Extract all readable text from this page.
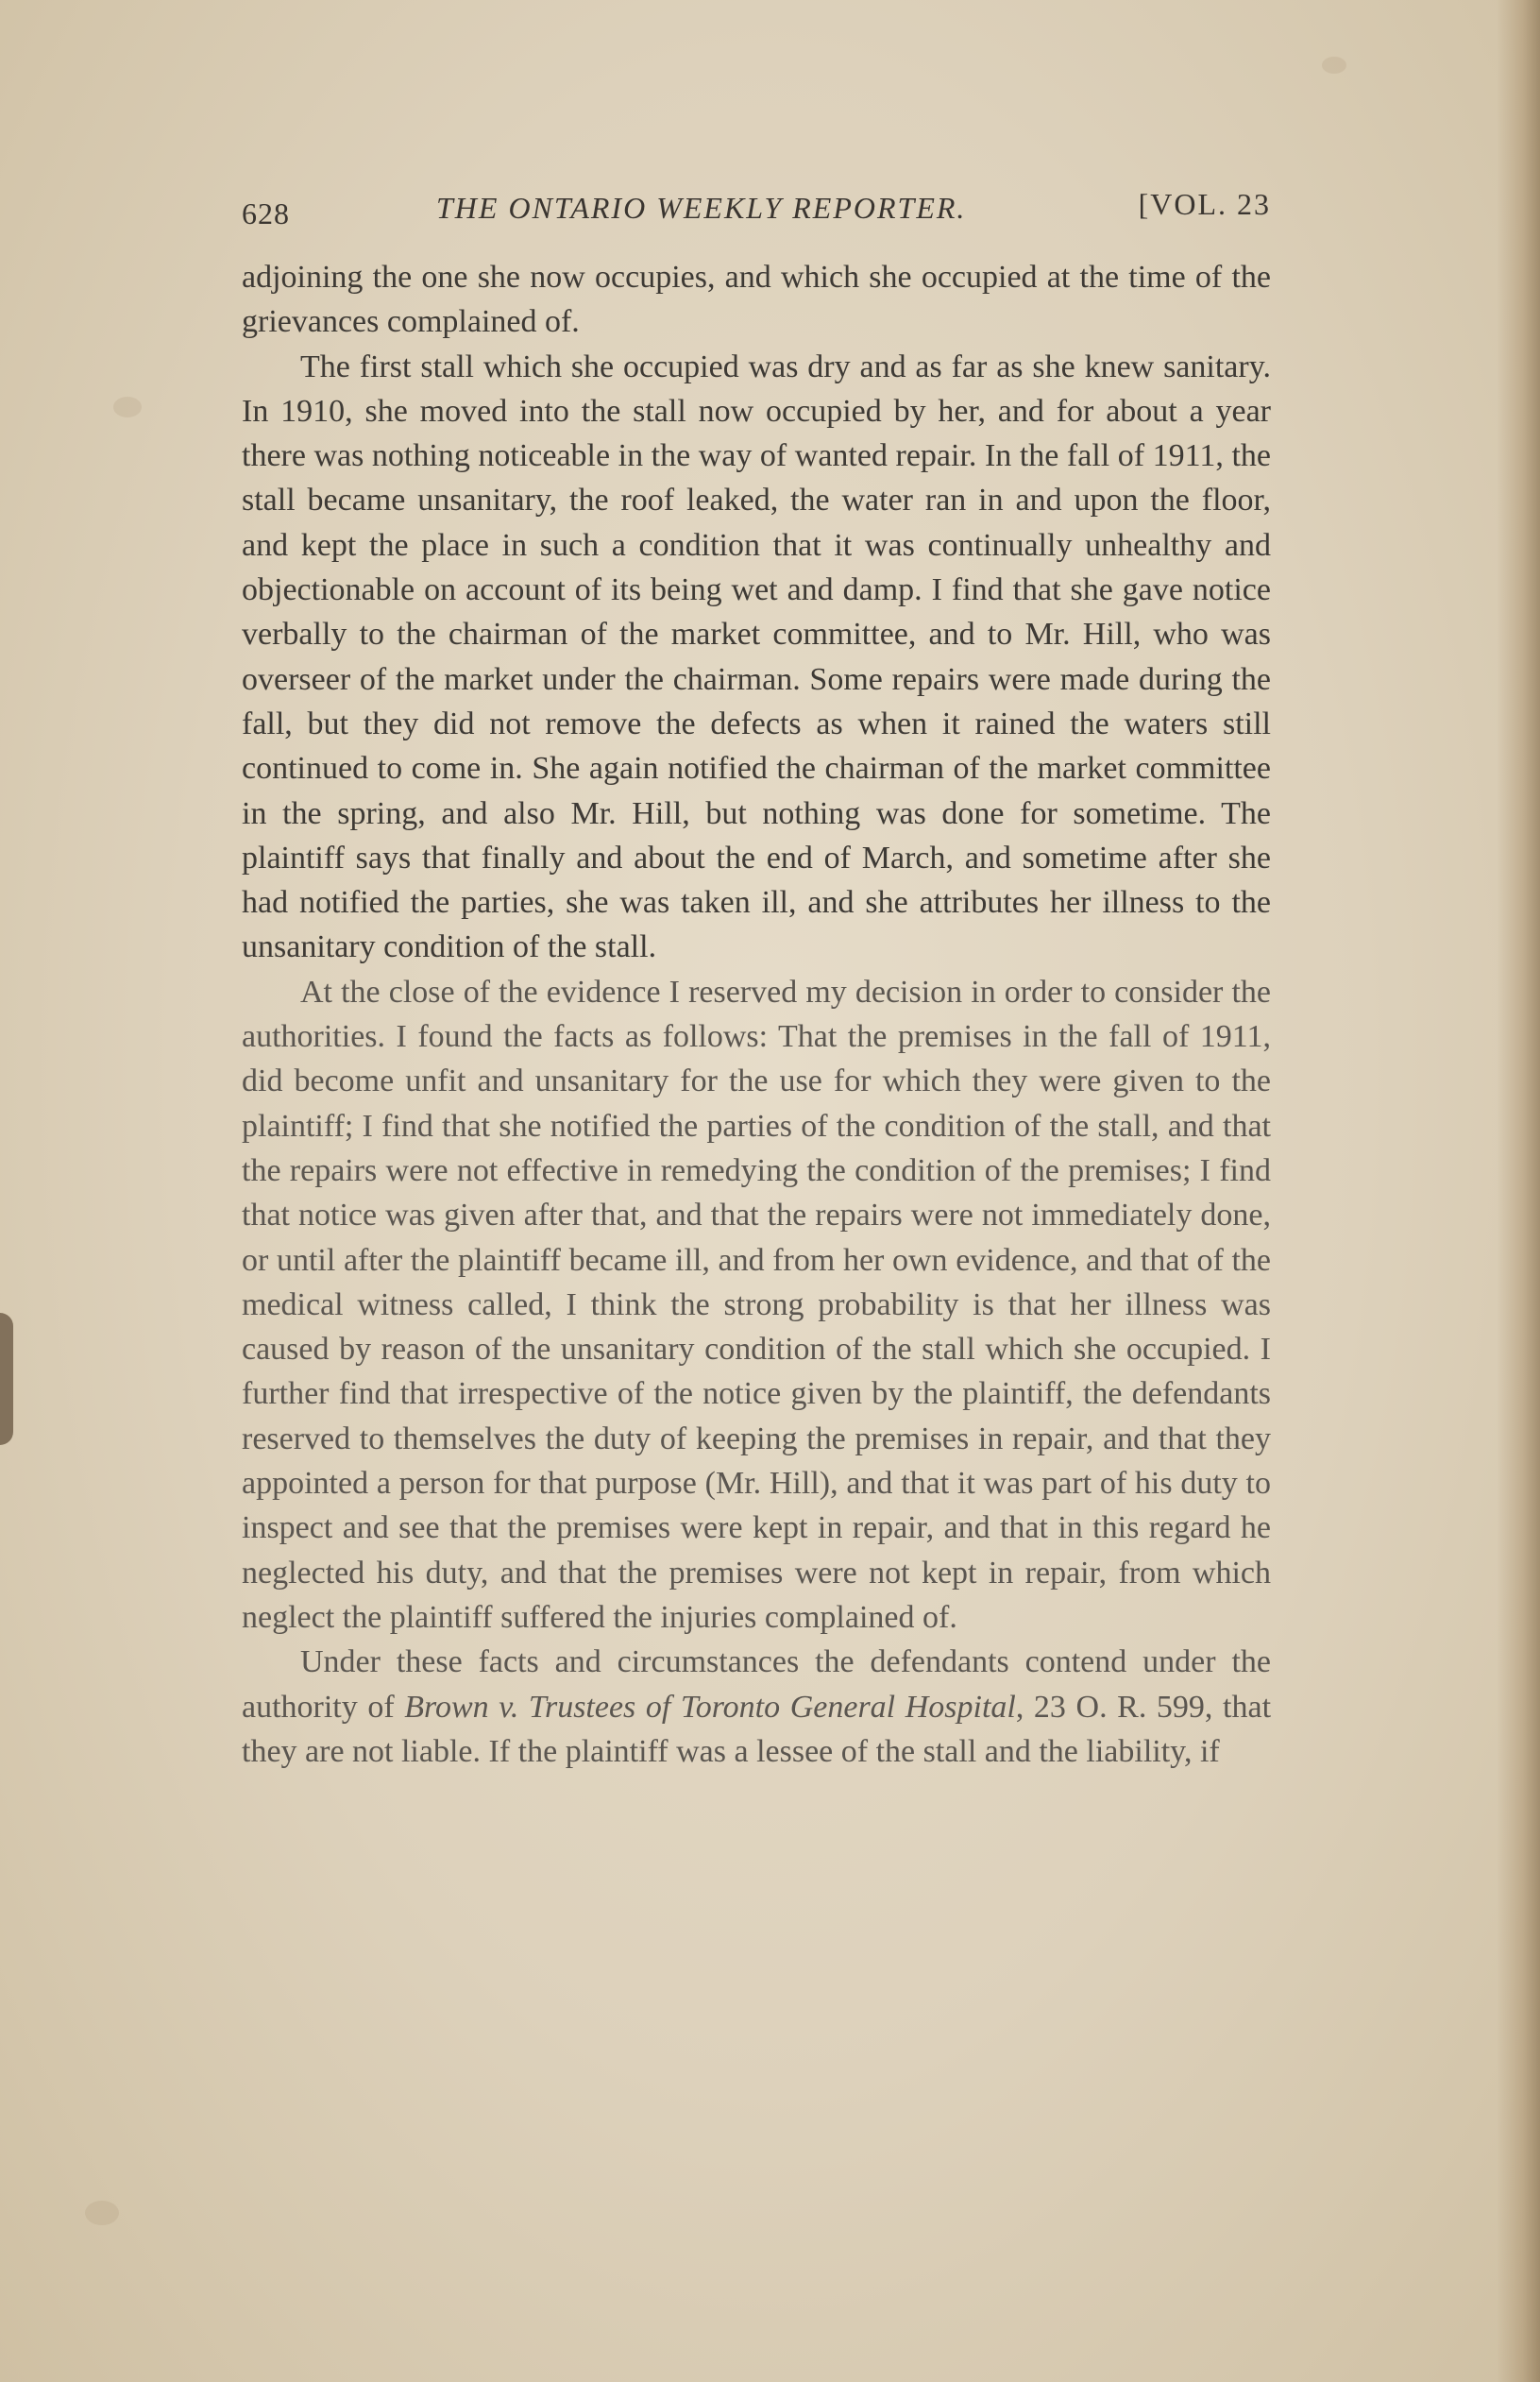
628	THE ONTARIO WEEKLY REPORTER.	[VOL. 23

adjoining the one she now occupies, and which she occupied at the time of the grievances complained of.

The first stall which she occupied was dry and as far as she knew sanitary. In 1910, she moved into the stall now occupied by her, and for about a year there was nothing noticeable in the way of wanted repair. In the fall of 1911, the stall became unsanitary, the roof leaked, the water ran in and upon the floor, and kept the place in such a condition that it was continually unhealthy and objectionable on account of its being wet and damp. I find that she gave notice verbally to the chairman of the market committee, and to Mr. Hill, who was overseer of the market under the chairman. Some repairs were made during the fall, but they did not remove the defects as when it rained the waters still continued to come in. She again notified the chairman of the market committee in the spring, and also Mr. Hill, but nothing was done for sometime. The plaintiff says that finally and about the end of March, and sometime after she had notified the parties, she was taken ill, and she attributes her illness to the unsanitary condition of the stall.

At the close of the evidence I reserved my decision in order to consider the authorities. I found the facts as follows: That the premises in the fall of 1911, did become unfit and unsanitary for the use for which they were given to the plaintiff; I find that she notified the parties of the condition of the stall, and that the repairs were not effective in remedying the condition of the premises; I find that notice was given after that, and that the repairs were not immediately done, or until after the plaintiff became ill, and from her own evidence, and that of the medical witness called, I think the strong probability is that her illness was caused by reason of the unsanitary condition of the stall which she occupied. I further find that irrespective of the notice given by the plaintiff, the defendants reserved to themselves the duty of keeping the premises in repair, and that they appointed a person for that purpose (Mr. Hill), and that it was part of his duty to inspect and see that the premises were kept in repair, and that in this regard he neglected his duty, and that the premises were not kept in repair, from which neglect the plaintiff suffered the injuries complained of.

Under these facts and circumstances the defendants contend under the authority of Brown v. Trustees of Toronto General Hospital, 23 O. R. 599, that they are not liable. If the plaintiff was a lessee of the stall and the liability, if
